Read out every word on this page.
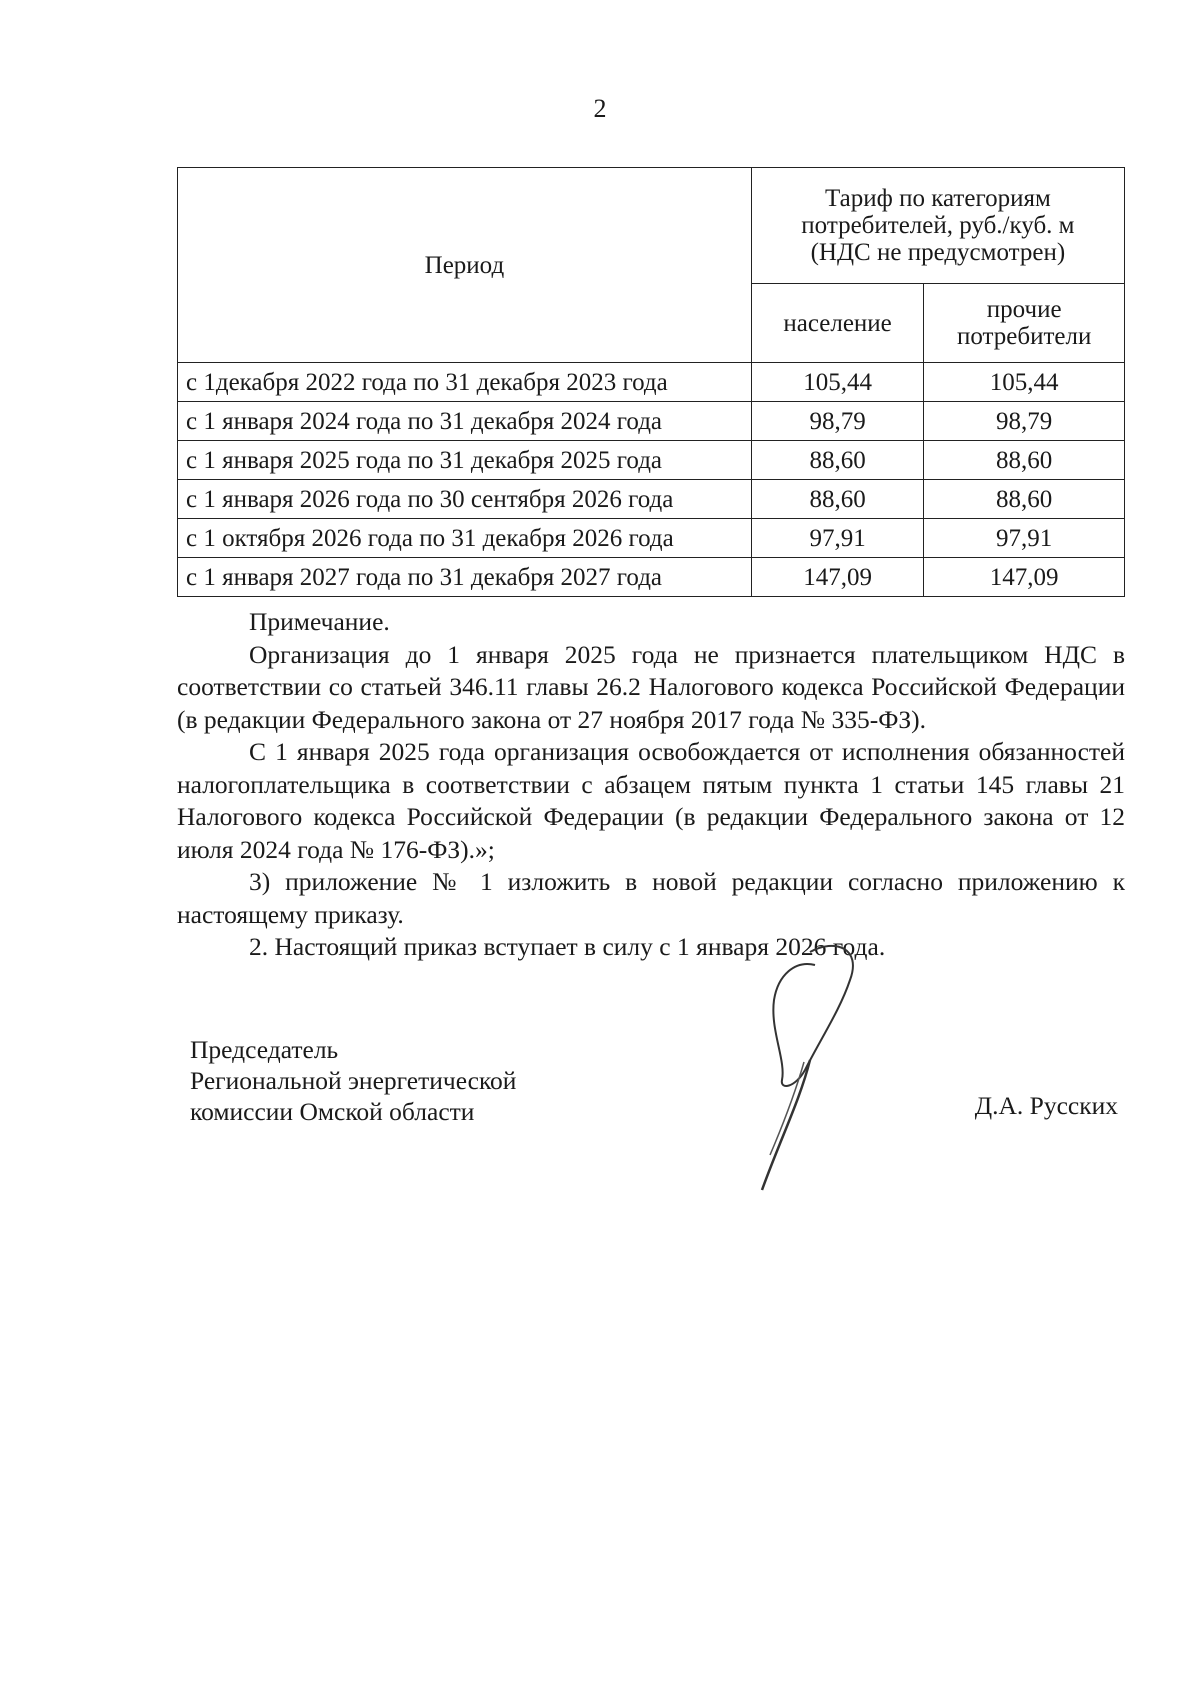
2
Период	Тариф по категориям
потребителей, руб./куб. м
(НДС не предусмотрен)	
	население	прочие
потребители
с 1декабря 2022 года по 31 декабря 2023 года	105,44	105,44
с 1 января 2024 года по 31 декабря 2024 года	98,79	98,79
с 1 января 2025 года по 31 декабря 2025 года	88,60	88,60
с 1 января 2026 года по 30 сентября 2026 года	88,60	88,60
с 1 октября 2026 года по 31 декабря 2026 года	97,91	97,91
с 1 января 2027 года по 31 декабря 2027 года	147,09	147,09

Примечание.

Организация до 1 января 2025 года не признается плательщиком НДС в соответствии со статьей 346.11 главы 26.2 Налогового кодекса Российской Федерации (в редакции Федерального закона от 27 ноября 2017 года № 335-ФЗ).

С 1 января 2025 года организация освобождается от исполнения обязанностей налогоплательщика в соответствии с абзацем пятым пункта 1 статьи 145 главы 21 Налогового кодекса Российской Федерации (в редакции Федерального закона от 12 июля 2024 года № 176-ФЗ).»;

3) приложение № 1 изложить в новой редакции согласно приложению к настоящему приказу.

2. Настоящий приказ вступает в силу с 1 января 2026 года.

Председатель
Региональной энергетической
комиссии Омской области	Д.А. Русских
